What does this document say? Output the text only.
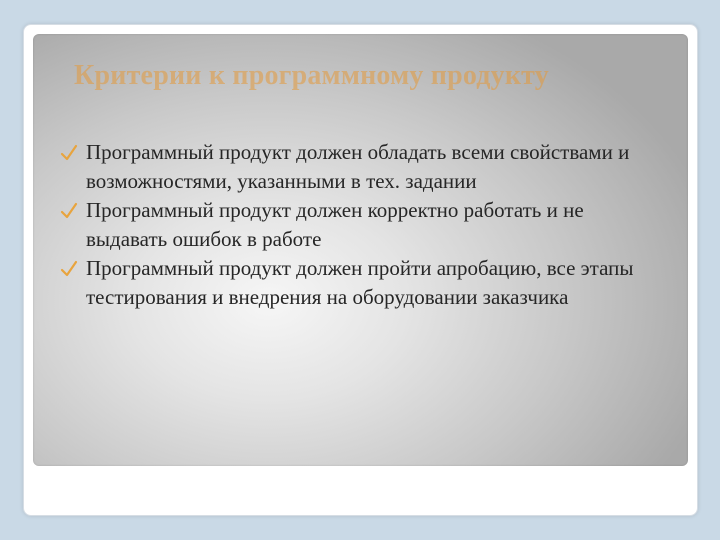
Критерии к программному продукту
Программный продукт должен обладать всеми свойствами и возможностями, указанными в тех. задании
Программный продукт должен корректно работать и не выдавать ошибок в работе
Программный продукт должен пройти апробацию, все этапы тестирования и внедрения на оборудовании заказчика
